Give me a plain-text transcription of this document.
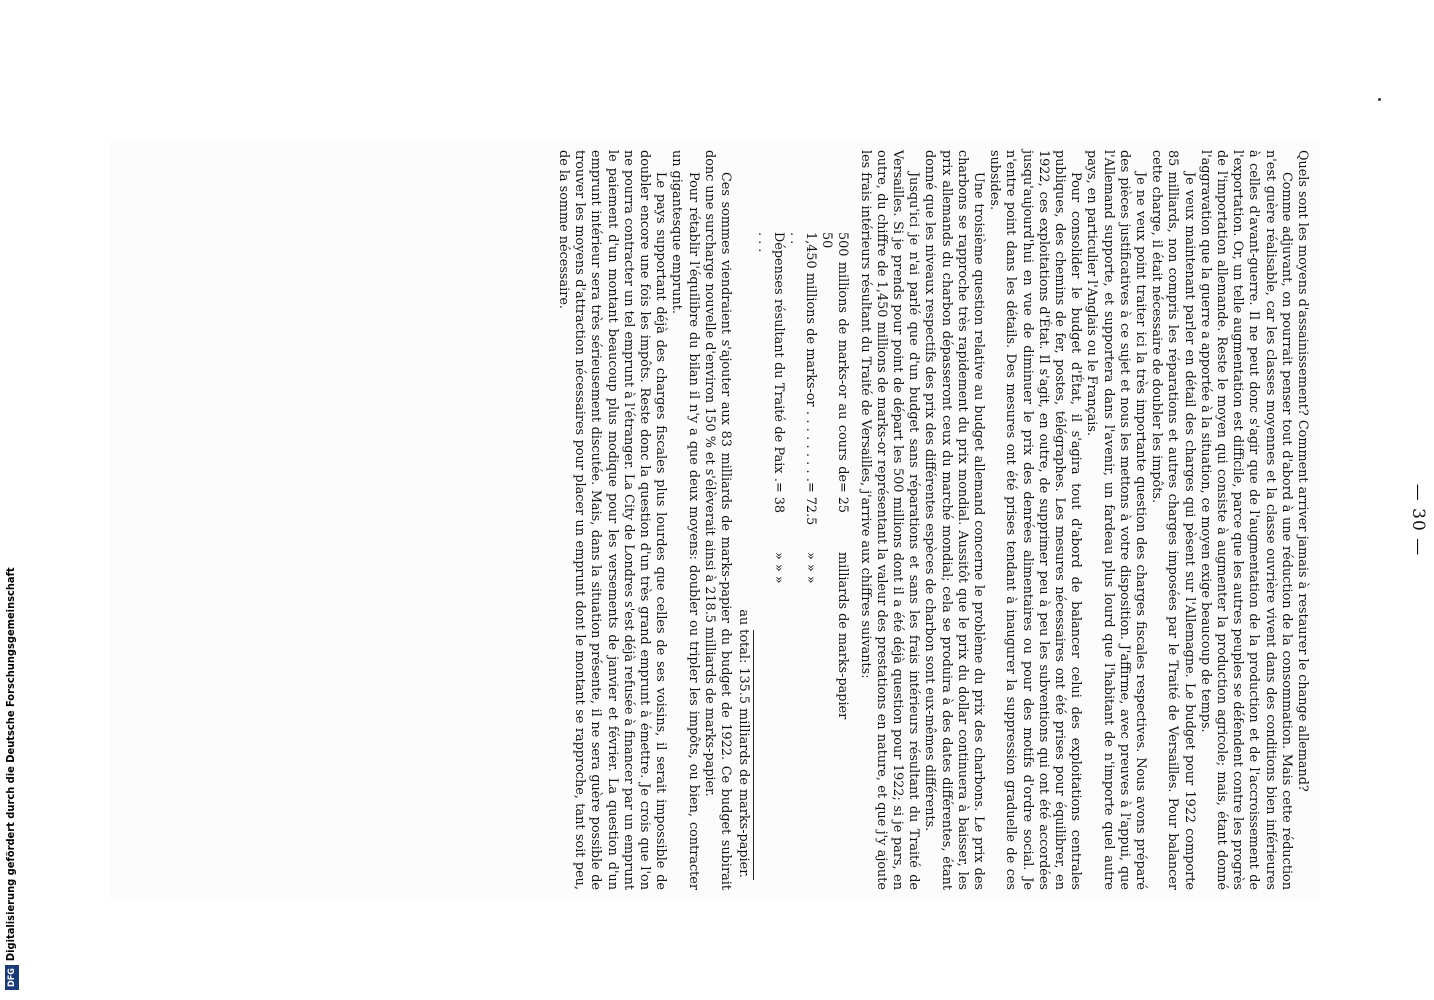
— 30 —

Quels sont les moyens d'assainissement? Comment arriver jamais à restaurer le change allemand?

Comme adjuvant, on pourrait penser tout d'abord à une réduction de la consommation. Mais cette réduction n'est guère réalisable, car les classes moyennes et la classe ouvrière vivent dans des conditions bien inférieures à celles d'avant-guerre. Il ne peut donc s'agir que de l'augmentation de la production et de l'accroissement de l'exportation. Or, un telle augmentation est difficile, parce que les autres peuples se défendent contre les progrès de l'importation allemande. Reste le moyen qui consiste à augmenter la production agricole; mais, étant donné l'aggravation que la guerre a apportée à la situation, ce moyen exige beaucoup de temps.

Je veux maintenant parler en détail des charges qui pèsent sur l'Allemagne. Le budget pour 1922 comporte 85 milliards, non compris les réparations et autres charges imposées par le Traité de Versailles. Pour balancer cette charge, il était nécessaire de doubler les impôts.

Je ne veux point traiter ici la très importante question des charges fiscales respectives. Nous avons préparé des pièces justificatives à ce sujet et nous les mettons à votre disposition. J'affirme, avec preuves à l'appui, que l'Allemand supporte, et supportera dans l'avenir, un fardeau plus lourd que l'habitant de n'importe quel autre pays, en particulier l'Anglais ou le Français.

Pour consolider le budget d'État, il s'agira tout d'abord de balancer celui des exploitations centrales publiques, des chemins de fer, postes, télégraphes. Les mesures nécessaires ont été prises pour équilibrer, en 1922, ces exploitations d'État. Il s'agit, en outre, de supprimer peu à peu les subventions qui ont été accordées jusqu'aujourd'hui en vue de diminuer le prix des denrées alimentaires ou pour des motifs d'ordre social. Je n'entre point dans les détails. Des mesures ont été prises tendant à inaugurer la suppression graduelle de ces subsides.

Une troisième question relative au budget allemand concerne le problème du prix des charbons. Le prix des charbons se rapproche très rapidement du prix mondial. Aussitôt que le prix du dollar continuera à baisser, les prix allemands du charbon dépasseront ceux du marché mondial; cela se produira à des dates différentes, étant donné que les niveaux respectifs des prix des différentes espèces de charbon sont eux-mêmes différents.

Jusqu'ici je n'ai parlé que d'un budget sans réparations et sans les frais intérieurs résultant du Traité de Versailles. Si je prends pour point de départ les 500 millions dont il a été déjà question pour 1922; si je pars, en outre, du chiffre de 1,450 millions de marks-or représentant la valeur des prestations en nature, et que j'y ajoute les frais intérieurs résultant du Traité de Versailles, j'arrive aux chiffres suivants:

500 millions de marks-or au cours de 50
= 25
milliards de marks-papier
1,450 millions de marks-or . . . . . . . . . . .
= 72.5
» » »
Dépenses résultant du Traité de Paix . . . .
= 38
» » »
au total: 135.5 milliards de marks-papier.

Ces sommes viendraient s'ajouter aux 83 milliards de marks-papier du budget de 1922. Ce budget subirait donc une surcharge nouvelle d'environ 150 % et s'élèverait ainsi à 218.5 milliards de marks-papier.

Pour rétablir l'équilibre du bilan il n'y a que deux moyens: doubler ou tripler les impôts, ou bien, contracter un gigantesque emprunt.

Le pays supportant déjà des charges fiscales plus lourdes que celles de ses voisins, il serait impossible de doubler encore une fois les impôts. Reste donc la question d'un très grand emprunt à émettre. Je crois que l'on ne pourra contracter un tel emprunt à l'étranger. La City de Londres s'est déjà refusée à financer par un emprunt le paiement d'un montant beaucoup plus modique pour les versements de janvier et février. La question d'un emprunt intérieur sera très sérieusement discutée. Mais, dans la situation présente, il ne sera guère possible de trouver les moyens d'attraction nécessaires pour placer un emprunt dont le montant se rapproche, tant soit peu, de la somme nécessaire.

DFGDigitalisierung gefördert durch die Deutsche Forschungsgemeinschaft
